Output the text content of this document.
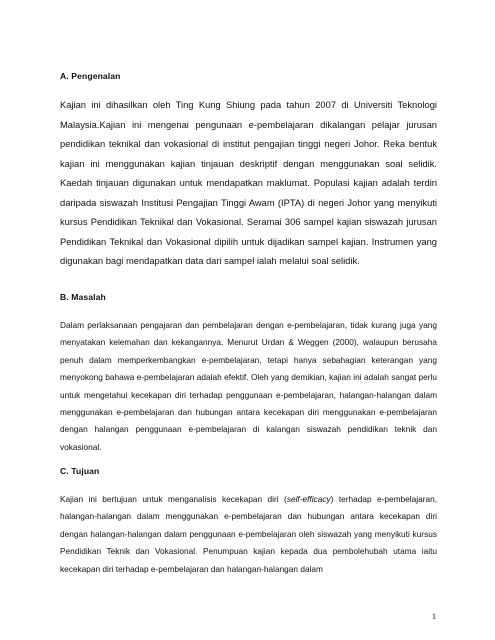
A. Pengenalan

Kajian ini dihasilkan oleh Ting Kung Shiung pada tahun 2007 di Universiti Teknologi Malaysia.Kajian ini mengenai pengunaan e-pembelajaran dikalangan pelajar jurusan pendidikan teknikal dan vokasional di institut pengajian tinggi negeri Johor. Reka bentuk kajian ini menggunakan kajian tinjauan deskriptif dengan menggunakan soal selidik. Kaedah tinjauan digunakan untuk mendapatkan maklumat. Populasi kajian adalah terdiri daripada siswazah Institusi Pengajian Tinggi Awam (IPTA) di negeri Johor yang menyikuti kursus Pendidikan Teknikal dan Vokasional. Seramai 306 sampel kajian siswazah jurusan Pendidikan Teknikal dan Vokasional dipilih untuk dijadikan sampel kajian. Instrumen yang digunakan bagi mendapatkan data dari sampel ialah melalui soal selidik.

B. Masalah

Dalam perlaksanaan pengajaran dan pembelajaran dengan e-pembelajaran, tidak kurang juga yang menyatakan kelemahan dan kekangannya. Menurut Urdan & Weggen (2000), walaupun berusaha penuh dalam memperkembangkan e-pembelajaran, tetapi hanya sebahagian keterangan yang menyokong bahawa e-pembelajaran adalah efektif. Oleh yang demikian, kajian ini adalah sangat perlu untuk mengetahui kecekapan diri terhadap penggunaan e-pembelajaran, halangan-halangan dalam menggunakan e-pembelajaran dan hubungan antara kecekapan diri menggunakan e-pembelajaran dengan halangan penggunaan e-pembelajaran di kalangan siswazah pendidikan teknik dan vokasional.

C. Tujuan

Kajian ini bertujuan untuk menganalisis kecekapan diri (self-efficacy) terhadap e-pembelajaran, halangan-halangan dalam menggunakan e-pembelajaran dan hubungan antara kecekapan diri dengan halangan-halangan dalam penggunaan e-pembelajaran oleh siswazah yang menyikuti kursus Pendidikan Teknik dan Vokasional. Penumpuan kajian kepada dua pembolehubah utama iaitu kecekapan diri terhadap e-pembelajaran dan halangan-halangan dalam

1
